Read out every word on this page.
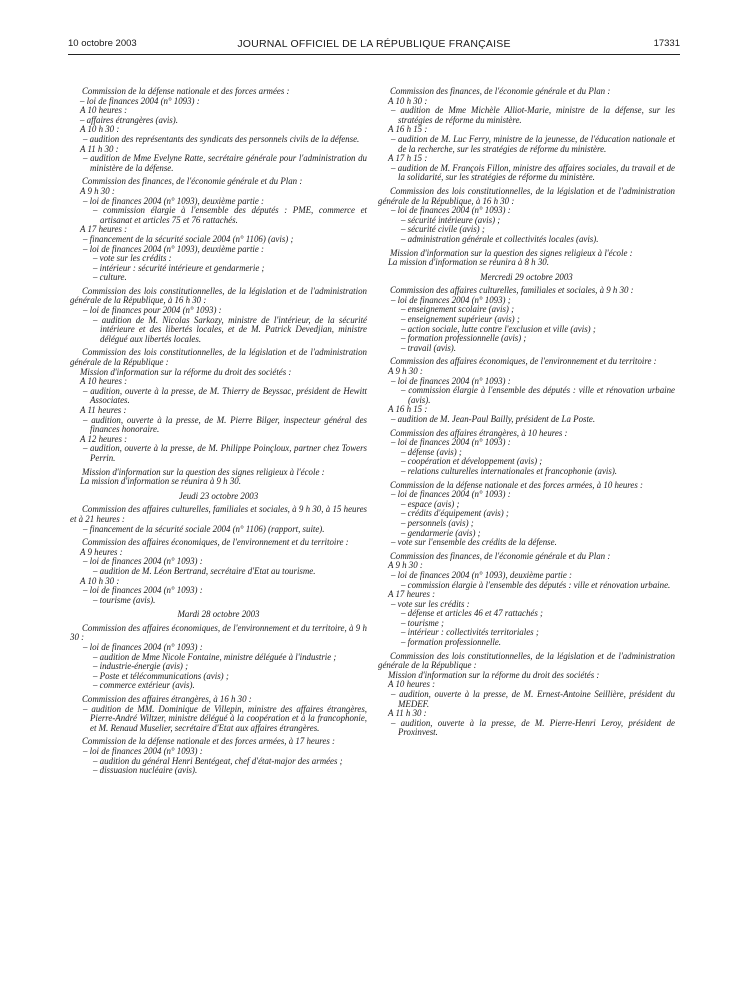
10 octobre 2003	JOURNAL OFFICIEL DE LA RÉPUBLIQUE FRANÇAISE	17331

Commission de la défense nationale et des forces armées :

– loi de finances 2004 (n° 1093) :

A 10 heures :

– affaires étrangères (avis).

A 10 h 30 :

– audition des représentants des syndicats des personnels civils de la défense.

A 11 h 30 :

– audition de Mme Evelyne Ratte, secrétaire générale pour l'administration du ministère de la défense.

Commission des finances, de l'économie générale et du Plan :

A 9 h 30 :

– loi de finances 2004 (n° 1093), deuxième partie :

– commission élargie à l'ensemble des députés : PME, commerce et artisanat et articles 75 et 76 rattachés.

A 17 heures :

– financement de la sécurité sociale 2004 (n° 1106) (avis) ;

– loi de finances 2004 (n° 1093), deuxième partie :

– vote sur les crédits :

– intérieur : sécurité intérieure et gendarmerie ;

– culture.

Commission des lois constitutionnelles, de la législation et de l'administration générale de la République, à 16 h 30 :

– loi de finances pour 2004 (n° 1093) :

– audition de M. Nicolas Sarkozy, ministre de l'intérieur, de la sécurité intérieure et des libertés locales, et de M. Patrick Devedjian, ministre délégué aux libertés locales.

Commission des lois constitutionnelles, de la législation et de l'administration générale de la République :

Mission d'information sur la réforme du droit des sociétés :

A 10 heures :

– audition, ouverte à la presse, de M. Thierry de Beyssac, président de Hewitt Associates.

A 11 heures :

– audition, ouverte à la presse, de M. Pierre Bilger, inspecteur général des finances honoraire.

A 12 heures :

– audition, ouverte à la presse, de M. Philippe Poinçloux, partner chez Towers Perrin.

Mission d'information sur la question des signes religieux à l'école :

La mission d'information se réunira à 9 h 30.

Jeudi 23 octobre 2003

Commission des affaires culturelles, familiales et sociales, à 9 h 30, à 15 heures et à 21 heures :

– financement de la sécurité sociale 2004 (n° 1106) (rapport, suite).

Commission des affaires économiques, de l'environnement et du territoire :

A 9 heures :

– loi de finances 2004 (n° 1093) :

– audition de M. Léon Bertrand, secrétaire d'Etat au tourisme.

A 10 h 30 :

– loi de finances 2004 (n° 1093) :

– tourisme (avis).

Mardi 28 octobre 2003

Commission des affaires économiques, de l'environnement et du territoire, à 9 h 30 :

– loi de finances 2004 (n° 1093) :

– audition de Mme Nicole Fontaine, ministre déléguée à l'industrie ;

– industrie-énergie (avis) ;

– Poste et télécommunications (avis) ;

– commerce extérieur (avis).

Commission des affaires étrangères, à 16 h 30 :

– audition de MM. Dominique de Villepin, ministre des affaires étrangères, Pierre-André Wiltzer, ministre délégué à la coopération et à la francophonie, et M. Renaud Muselier, secrétaire d'Etat aux affaires étrangères.

Commission de la défense nationale et des forces armées, à 17 heures :

– loi de finances 2004 (n° 1093) :

– audition du général Henri Bentégeat, chef d'état-major des armées ;

– dissuasion nucléaire (avis).

Commission des finances, de l'économie générale et du Plan :

A 10 h 30 :

– audition de Mme Michèle Alliot-Marie, ministre de la défense, sur les stratégies de réforme du ministère.

A 16 h 15 :

– audition de M. Luc Ferry, ministre de la jeunesse, de l'éducation nationale et de la recherche, sur les stratégies de réforme du ministère.

A 17 h 15 :

– audition de M. François Fillon, ministre des affaires sociales, du travail et de la solidarité, sur les stratégies de réforme du ministère.

Commission des lois constitutionnelles, de la législation et de l'administration générale de la République, à 16 h 30 :

– loi de finances 2004 (n° 1093) :

– sécurité intérieure (avis) ;

– sécurité civile (avis) ;

– administration générale et collectivités locales (avis).

Mission d'information sur la question des signes religieux à l'école :

La mission d'information se réunira à 8 h 30.

Mercredi 29 octobre 2003

Commission des affaires culturelles, familiales et sociales, à 9 h 30 :

– loi de finances 2004 (n° 1093) ;

– enseignement scolaire (avis) ;

– enseignement supérieur (avis) ;

– action sociale, lutte contre l'exclusion et ville (avis) ;

– formation professionnelle (avis) ;

– travail (avis).

Commission des affaires économiques, de l'environnement et du territoire :

A 9 h 30 :

– loi de finances 2004 (n° 1093) :

– commission élargie à l'ensemble des députés : ville et rénovation urbaine (avis).

A 16 h 15 :

– audition de M. Jean-Paul Bailly, président de La Poste.

Commission des affaires étrangères, à 10 heures :

– loi de finances 2004 (n° 1093) :

– défense (avis) ;

– coopération et développement (avis) ;

– relations culturelles internationales et francophonie (avis).

Commission de la défense nationale et des forces armées, à 10 heures :

– loi de finances 2004 (n° 1093) :

– espace (avis) ;

– crédits d'équipement (avis) ;

– personnels (avis) ;

– gendarmerie (avis) ;

– vote sur l'ensemble des crédits de la défense.

Commission des finances, de l'économie générale et du Plan :

A 9 h 30 :

– loi de finances 2004 (n° 1093), deuxième partie :

– commission élargie à l'ensemble des députés : ville et rénovation urbaine.

A 17 heures :

– vote sur les crédits :

– défense et articles 46 et 47 rattachés ;

– tourisme ;

– intérieur : collectivités territoriales ;

– formation professionnelle.

Commission des lois constitutionnelles, de la législation et de l'administration générale de la République :

Mission d'information sur la réforme du droit des sociétés :

A 10 heures :

– audition, ouverte à la presse, de M. Ernest-Antoine Seillière, président du MEDEF.

A 11 h 30 :

– audition, ouverte à la presse, de M. Pierre-Henri Leroy, président de Proxinvest.
